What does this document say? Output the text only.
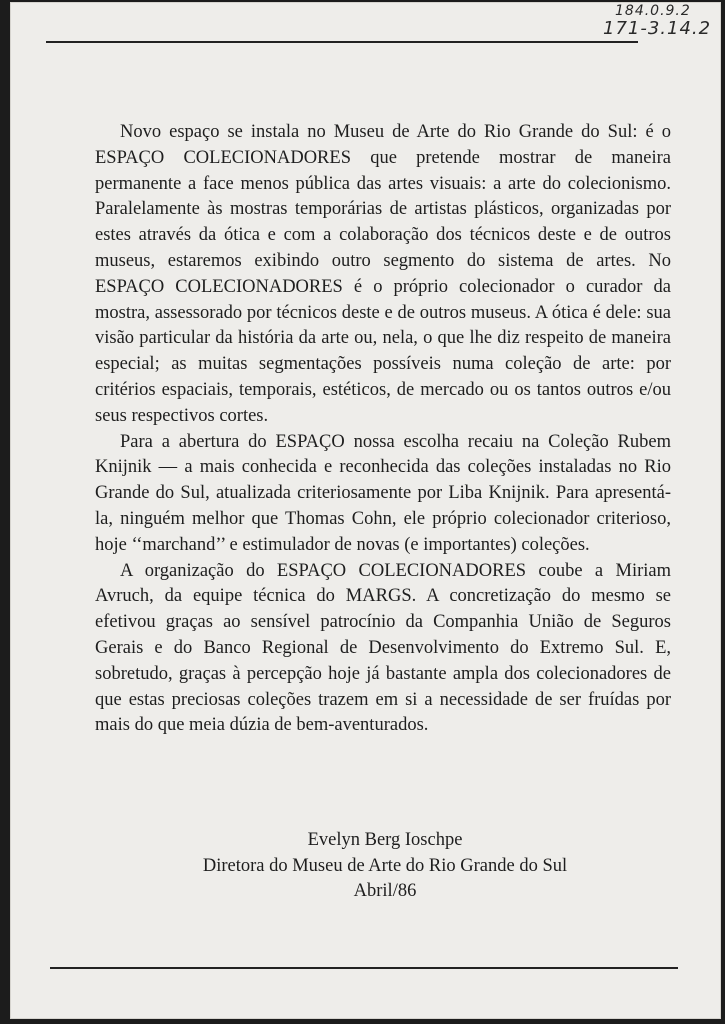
184.0.9.2
171-3.14.2

Novo espaço se instala no Museu de Arte do Rio Grande do Sul: é o ESPAÇO COLECIONADORES que pretende mostrar de maneira permanente a face menos pública das artes visuais: a arte do colecionismo. Paralelamente às mostras temporárias de artistas plásticos, organizadas por estes através da ótica e com a colaboração dos técnicos deste e de outros museus, estaremos exibindo outro segmento do sistema de artes. No ESPAÇO COLECIONADORES é o próprio colecionador o curador da mostra, assessorado por técnicos deste e de outros museus. A ótica é dele: sua visão particular da história da arte ou, nela, o que lhe diz respeito de maneira especial; as muitas segmentações possíveis numa coleção de arte: por critérios espaciais, temporais, estéticos, de mercado ou os tantos outros e/ou seus respectivos cortes.

Para a abertura do ESPAÇO nossa escolha recaiu na Coleção Rubem Knijnik — a mais conhecida e reconhecida das coleções instaladas no Rio Grande do Sul, atualizada criteriosamente por Liba Knijnik. Para apresentá-la, ninguém melhor que Thomas Cohn, ele próprio colecionador criterioso, hoje ‘‘marchand’’ e estimulador de novas (e importantes) coleções.

A organização do ESPAÇO COLECIONADORES coube a Miriam Avruch, da equipe técnica do MARGS. A concretização do mesmo se efetivou graças ao sensível patrocínio da Companhia União de Seguros Gerais e do Banco Regional de Desenvolvimento do Extremo Sul. E, sobretudo, graças à percepção hoje já bastante ampla dos colecionadores de que estas preciosas coleções trazem em si a necessidade de ser fruídas por mais do que meia dúzia de bem-aventurados.

Evelyn Berg Ioschpe
Diretora do Museu de Arte do Rio Grande do Sul
Abril/86
